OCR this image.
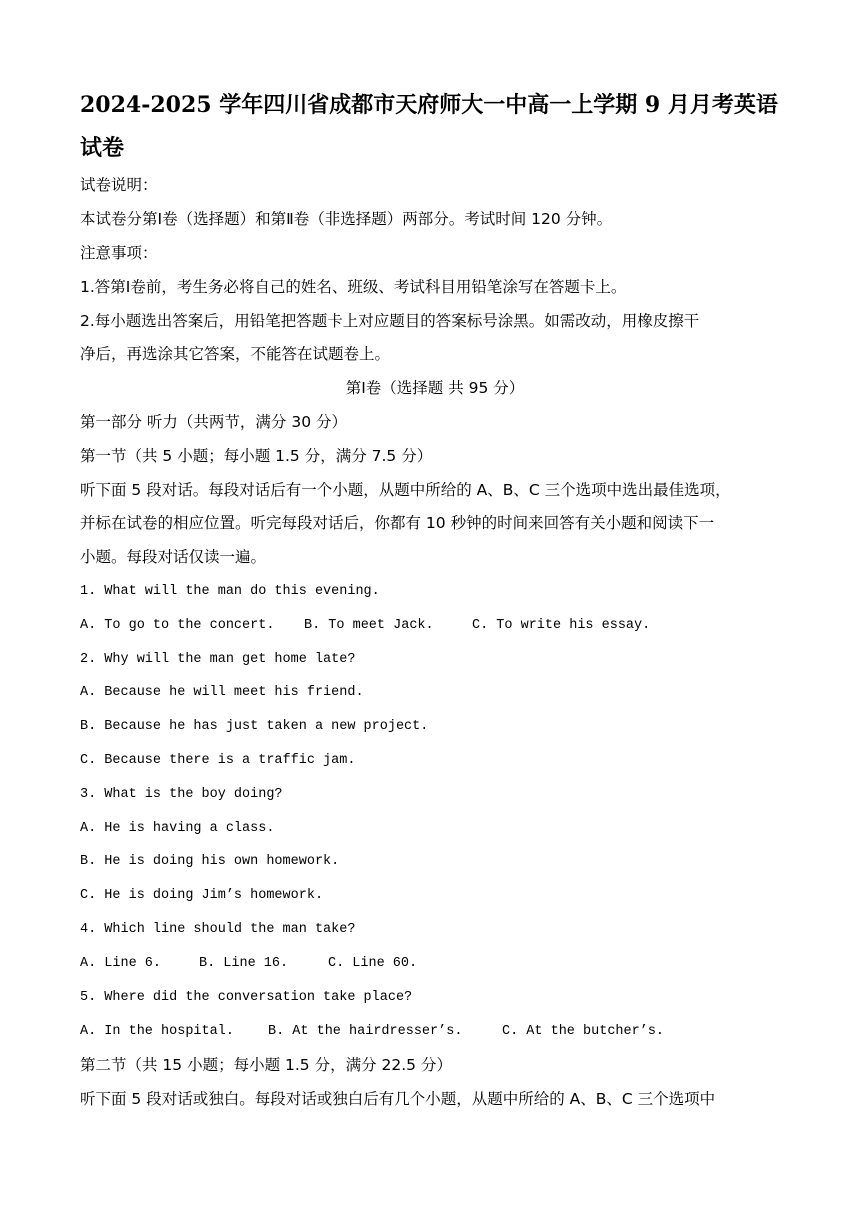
2024-2025 学年四川省成都市天府师大一中高一上学期 9 月月考英语
试卷
试卷说明：
本试卷分第Ⅰ卷（选择题）和第Ⅱ卷（非选择题）两部分。考试时间 120 分钟。
注意事项：
1.答第Ⅰ卷前，考生务必将自己的姓名、班级、考试科目用铅笔涂写在答题卡上。
2.每小题选出答案后，用铅笔把答题卡上对应题目的答案标号涂黑。如需改动，用橡皮擦干
净后，再选涂其它答案，不能答在试题卷上。
第Ⅰ卷（选择题 共 95 分）
第一部分 听力（共两节，满分 30 分）
第一节（共 5 小题；每小题 1.5 分，满分 7.5 分）
听下面 5 段对话。每段对话后有一个小题，从题中所给的 A、B、C 三个选项中选出最佳选项，
并标在试卷的相应位置。听完每段对话后，你都有 10 秒钟的时间来回答有关小题和阅读下一
小题。每段对话仅读一遍。
1. What will the man do this evening.
A. To go to the concert. B. To meet Jack.	C. To write his essay.
2. Why will the man get home late?
A. Because he will meet his friend.
B. Because he has just taken a new project.
C. Because there is a traffic jam.
3. What is the boy doing?
A. He is having a class.
B. He is doing his own homework.
C. He is doing Jim’s homework.
4. Which line should the man take?
A. Line 6.	B. Line 16.	C. Line 60.
5. Where did the conversation take place?
A. In the hospital.	B. At the hairdresser’s.	C. At the butcher’s.
第二节（共 15 小题；每小题 1.5 分，满分 22.5 分）
听下面 5 段对话或独白。每段对话或独白后有几个小题，从题中所给的 A、B、C 三个选项中
